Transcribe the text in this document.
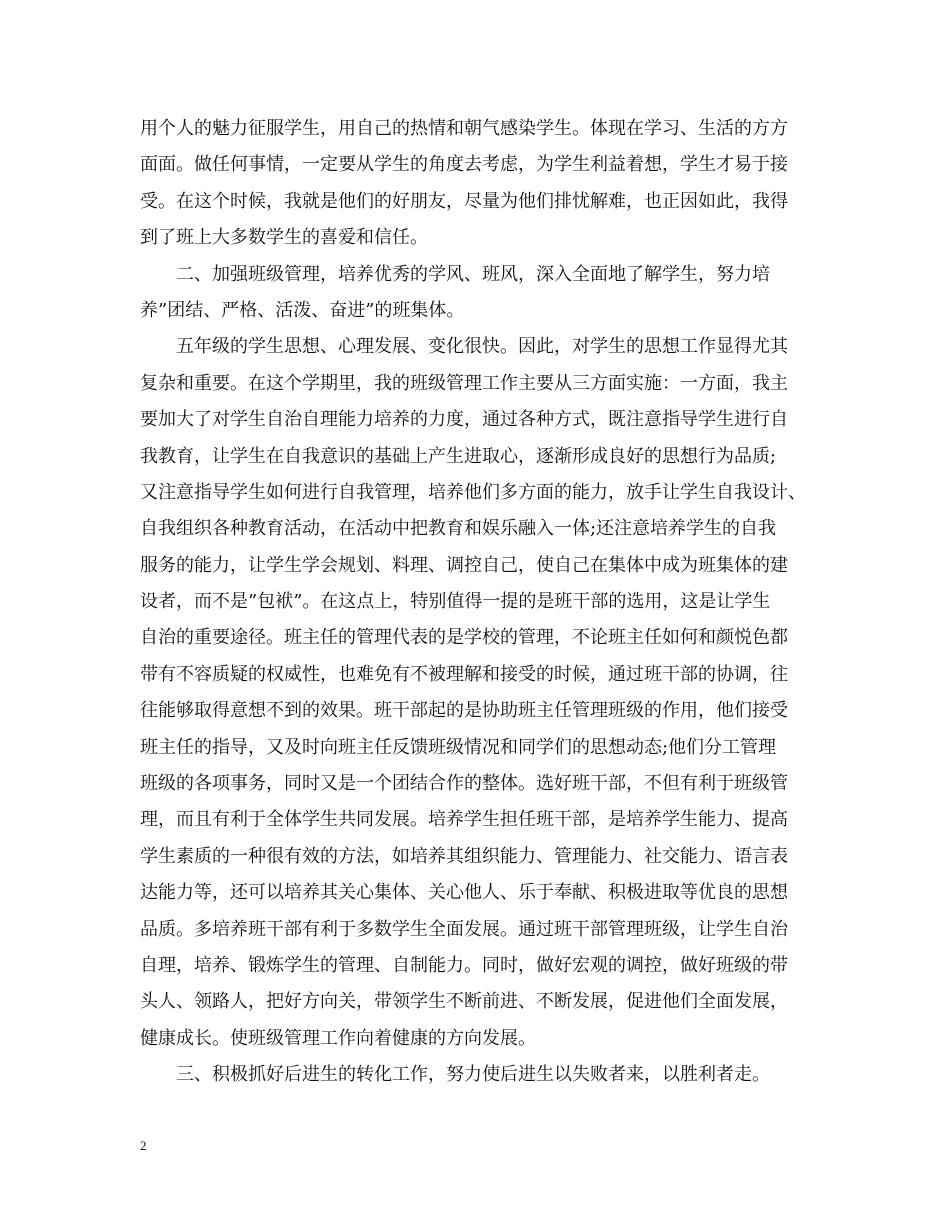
用个人的魅力征服学生，用自己的热情和朝气感染学生。体现在学习、生活的方方

面面。做任何事情，一定要从学生的角度去考虑，为学生利益着想，学生才易于接

受。在这个时候，我就是他们的好朋友，尽量为他们排忧解难，也正因如此，我得

到了班上大多数学生的喜爱和信任。

　　二、加强班级管理，培养优秀的学风、班风，深入全面地了解学生，努力培

养”团结、严格、活泼、奋进”的班集体。

　　五年级的学生思想、心理发展、变化很快。因此，对学生的思想工作显得尤其

复杂和重要。在这个学期里，我的班级管理工作主要从三方面实施：一方面，我主

要加大了对学生自治自理能力培养的力度，通过各种方式，既注意指导学生进行自

我教育，让学生在自我意识的基础上产生进取心，逐渐形成良好的思想行为品质;

又注意指导学生如何进行自我管理，培养他们多方面的能力，放手让学生自我设计、

自我组织各种教育活动，在活动中把教育和娱乐融入一体;还注意培养学生的自我

服务的能力，让学生学会规划、料理、调控自己，使自己在集体中成为班集体的建

设者，而不是”包袱”。在这点上，特别值得一提的是班干部的选用，这是让学生

自治的重要途径。班主任的管理代表的是学校的管理，不论班主任如何和颜悦色都

带有不容质疑的权威性，也难免有不被理解和接受的时候，通过班干部的协调，往

往能够取得意想不到的效果。班干部起的是协助班主任管理班级的作用，他们接受

班主任的指导，又及时向班主任反馈班级情况和同学们的思想动态;他们分工管理

班级的各项事务，同时又是一个团结合作的整体。选好班干部，不但有利于班级管

理，而且有利于全体学生共同发展。培养学生担任班干部，是培养学生能力、提高

学生素质的一种很有效的方法，如培养其组织能力、管理能力、社交能力、语言表

达能力等，还可以培养其关心集体、关心他人、乐于奉献、积极进取等优良的思想

品质。多培养班干部有利于多数学生全面发展。通过班干部管理班级，让学生自治

自理，培养、锻炼学生的管理、自制能力。同时，做好宏观的调控，做好班级的带

头人、领路人，把好方向关，带领学生不断前进、不断发展，促进他们全面发展，

健康成长。使班级管理工作向着健康的方向发展。

　　三、积极抓好后进生的转化工作，努力使后进生以失败者来，以胜利者走。

2
